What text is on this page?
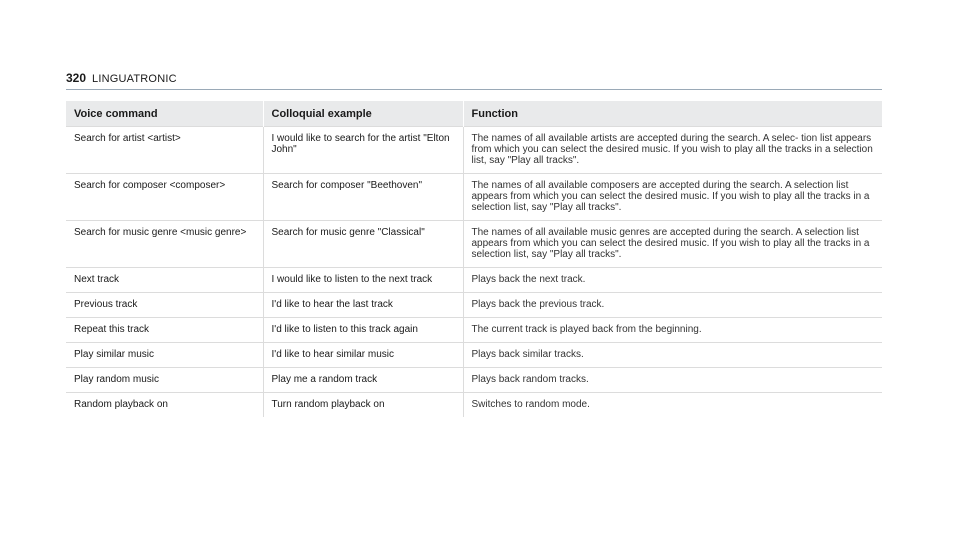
320 LINGUATRONIC
Voice command	Colloquial example	Function
Search for artist <artist>	I would like to search for the artist "Elton John"	The names of all available artists are accepted during the search. A selec- tion list appears from which you can select the desired music. If you wish to play all the tracks in a selection list, say "Play all tracks".
Search for composer <composer>	Search for composer "Beethoven"	The names of all available composers are accepted during the search. A selection list appears from which you can select the desired music. If you wish to play all the tracks in a selection list, say "Play all tracks".
Search for music genre <music genre>	Search for music genre "Classical"	The names of all available music genres are accepted during the search. A selection list appears from which you can select the desired music. If you wish to play all the tracks in a selection list, say "Play all tracks".
Next track	I would like to listen to the next track	Plays back the next track.
Previous track	I'd like to hear the last track	Plays back the previous track.
Repeat this track	I'd like to listen to this track again	The current track is played back from the beginning.
Play similar music	I'd like to hear similar music	Plays back similar tracks.
Play random music	Play me a random track	Plays back random tracks.
Random playback on	Turn random playback on	Switches to random mode.
